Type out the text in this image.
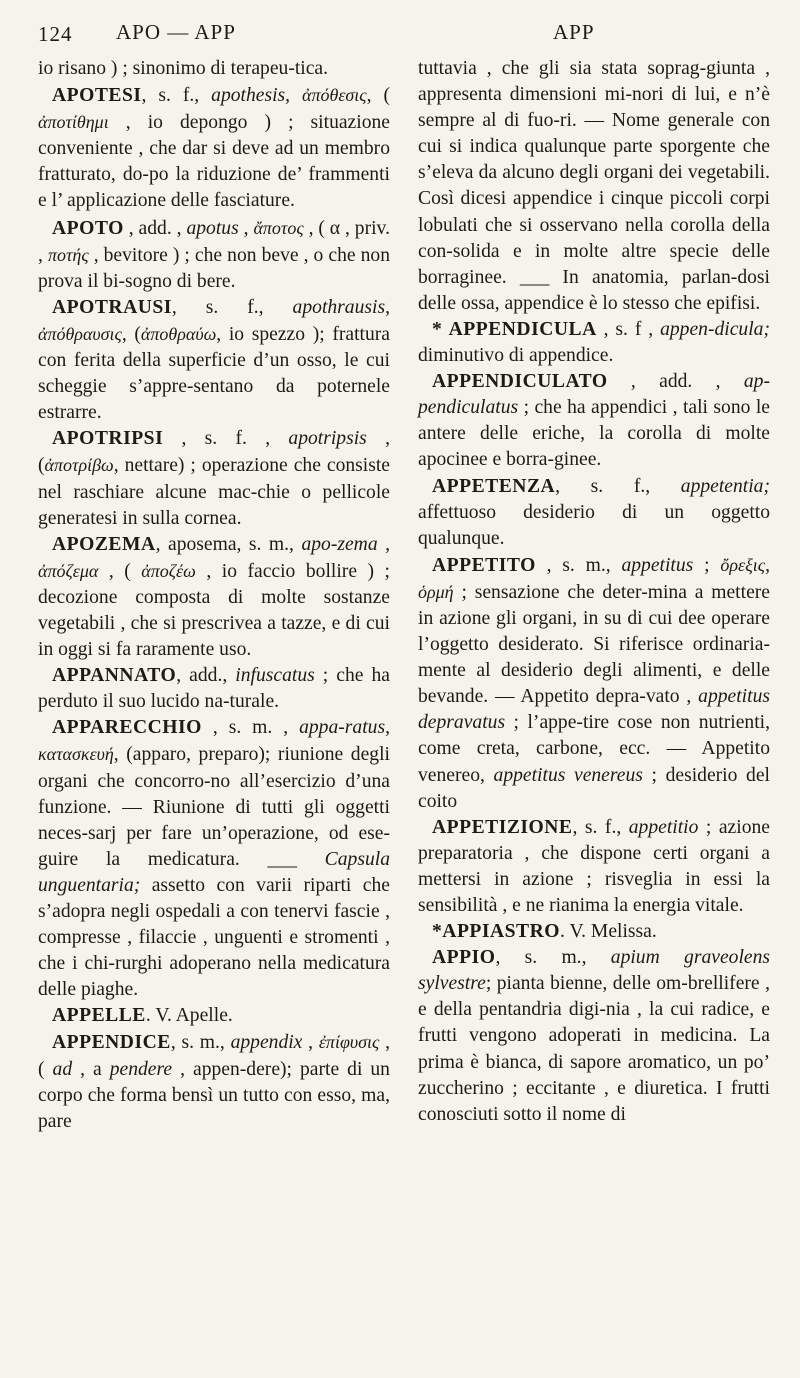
124 APO — APP	APP

io risano ) ; sinonimo di terapeu-tica.

APOTESI, s. f., apothesis, ἀπόθεσις, ( ἀποτίθημι , io depongo ) ; situazione conveniente , che dar si deve ad un membro fratturato, do-po la riduzione de’ frammenti e l’ applicazione delle fasciature.

APOTO , add. , apotus , ἄποτος , ( α , priv. , ποτής , bevitore ) ; che non beve , o che non prova il bi-sogno di bere.

APOTRAUSI, s. f., apothrausis, ἀπόθραυσις, (ἀποθραύω, io spezzo ); frattura con ferita della superficie d’un osso, le cui scheggie s’appre-sentano da poternele estrarre.

APOTRIPSI , s. f. , apotripsis , (ἀποτρίβω, nettare) ; operazione che consiste nel raschiare alcune mac-chie o pellicole generatesi in sulla cornea.

APOZEMA, aposema, s. m., apo-zema , ἀπόζεμα , ( ἀποζέω , io faccio bollire ) ; decozione composta di molte sostanze vegetabili , che si prescrivea a tazze, e di cui in oggi si fa raramente uso.

APPANNATO, add., infuscatus ; che ha perduto il suo lucido na-turale.

APPARECCHIO , s. m. , appa-ratus, κατασκευή, (apparo, preparo); riunione degli organi che concorro-no all’esercizio d’una funzione. — Riunione di tutti gli oggetti neces-sarj per fare un’operazione, od ese-guire la medicatura. ___ Capsula unguentaria; assetto con varii riparti che s’adopra negli ospedali a con tenervi fascie , compresse , filaccie , unguenti e stromenti , che i chi-rurghi adoperano nella medicatura delle piaghe.

APPELLE. V. Apelle.

APPENDICE, s. m., appendix , ἐπίφυσις , ( ad , a pendere , appen-dere); parte di un corpo che forma bensì un tutto con esso, ma, pare

tuttavia , che gli sia stata soprag-giunta , appresenta dimensioni mi-nori di lui, e n’è sempre al di fuo-ri. — Nome generale con cui si indica qualunque parte sporgente che s’eleva da alcuno degli organi dei vegetabili. Così dicesi appendice i cinque piccoli corpi lobulati che si osservano nella corolla della con-solida e in molte altre specie delle borraginee. ___ In anatomia, parlan-dosi delle ossa, appendice è lo stesso che epifisi.

* APPENDICULA , s. f , appen-dicula; diminutivo di appendice.

APPENDICULATO , add. , ap-pendiculatus ; che ha appendici , tali sono le antere delle eriche, la corolla di molte apocinee e borra-ginee.

APPETENZA, s. f., appetentia; affettuoso desiderio di un oggetto qualunque.

APPETITO , s. m., appetitus ; ὄρεξις, ὁρμή ; sensazione che deter-mina a mettere in azione gli organi, in su di cui dee operare l’oggetto desiderato. Si riferisce ordinaria-mente al desiderio degli alimenti, e delle bevande. — Appetito depra-vato , appetitus depravatus ; l’appe-tire cose non nutrienti, come creta, carbone, ecc. — Appetito venereo, appetitus venereus ; desiderio del coito

APPETIZIONE, s. f., appetitio ; azione preparatoria , che dispone certi organi a mettersi in azione ; risveglia in essi la sensibilità , e ne rianima la energia vitale.

*APPIASTRO. V. Melissa.

APPIO, s. m., apium graveolens sylvestre; pianta bienne, delle om-brellifere , e della pentandria digi-nia , la cui radice, e frutti vengono adoperati in medicina. La prima è bianca, di sapore aromatico, un po’ zuccherino ; eccitante , e diuretica. I frutti conosciuti sotto il nome di
